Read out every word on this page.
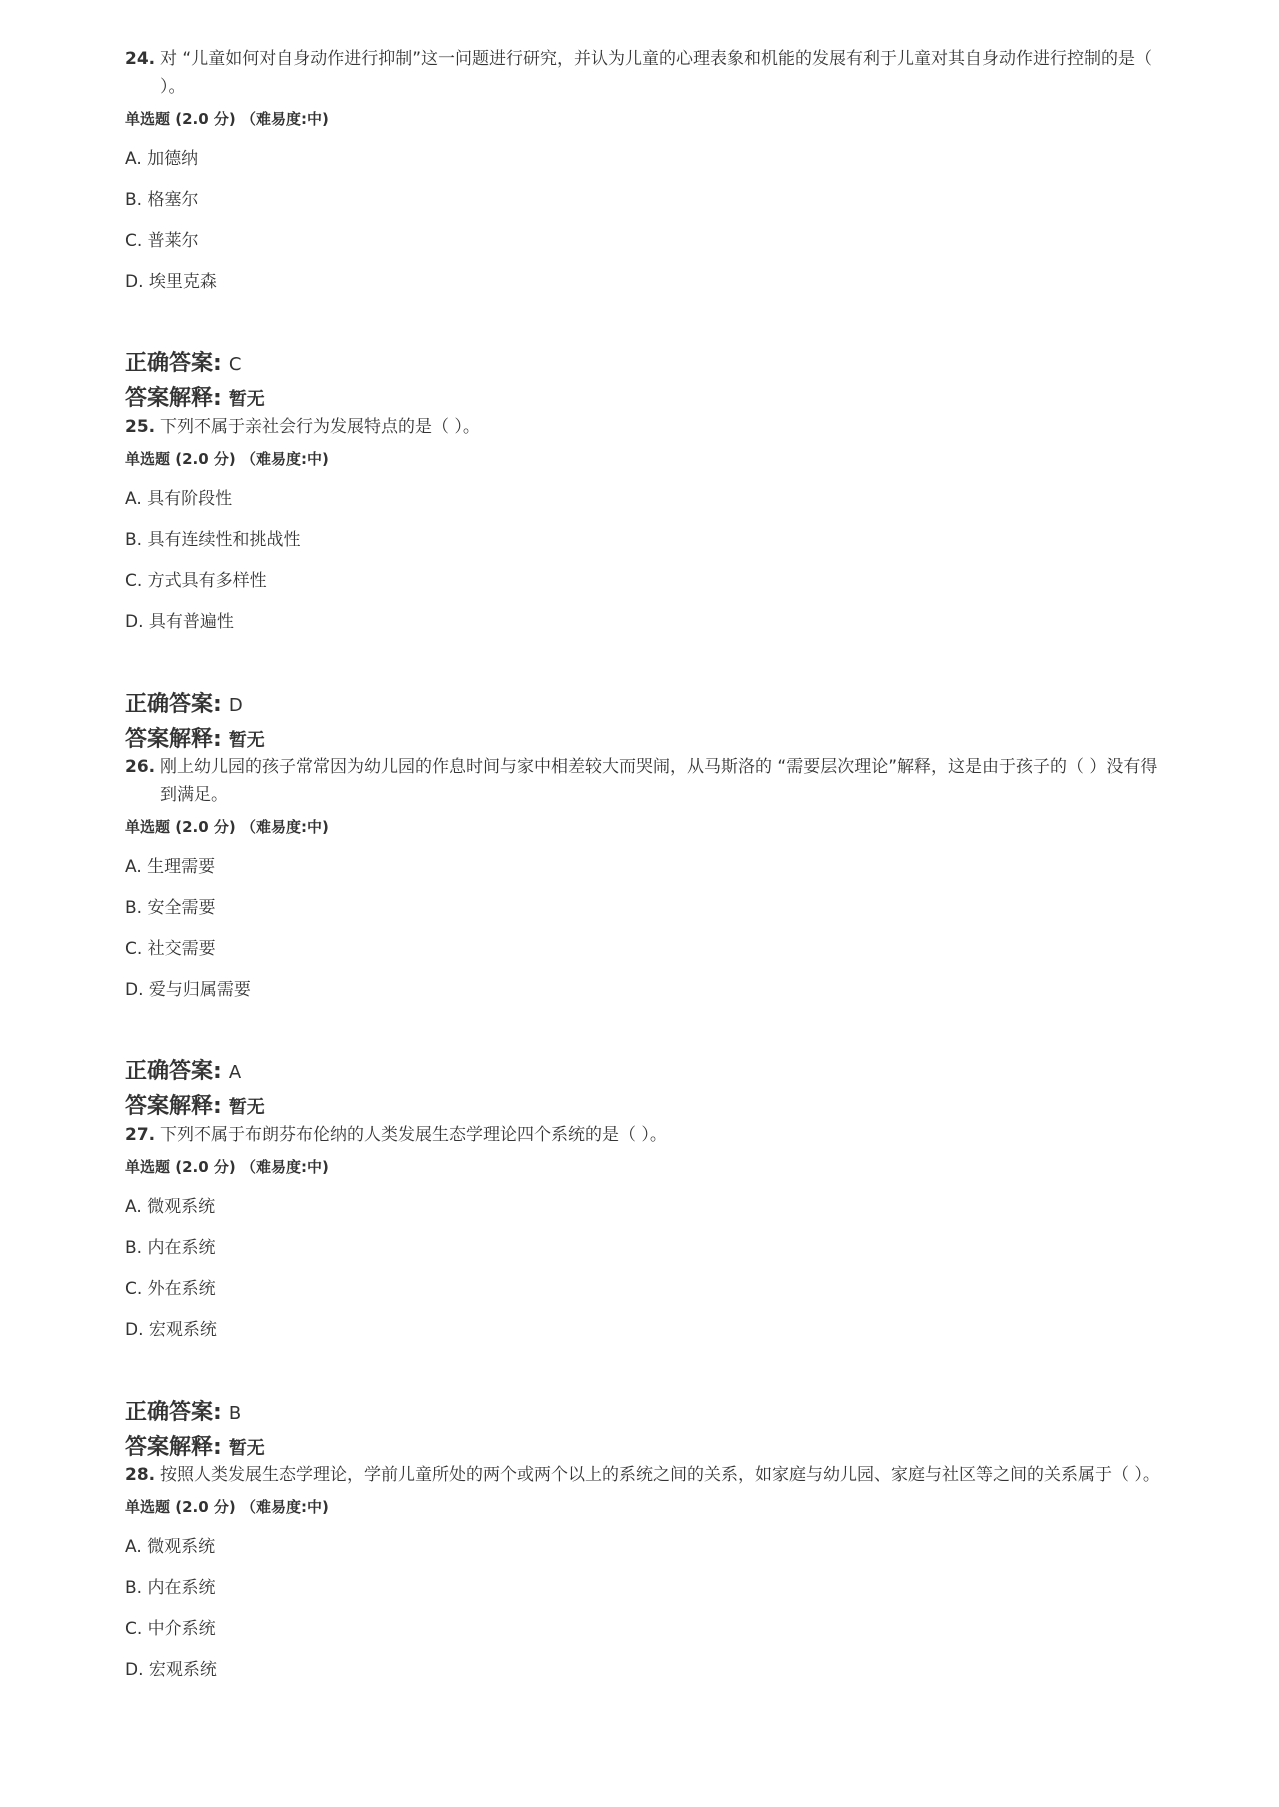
24. 对 “儿童如何对自身动作进行抑制”这一问题进行研究，并认为儿童的心理表象和机能的发展有利于儿童对其自身动作进行控制的是（ ）。
单选题 (2.0 分) （难易度:中)
A. 加德纳
B. 格塞尔
C. 普莱尔
D. 埃里克森
正确答案: C
答案解释: 暂无
25. 下列不属于亲社会行为发展特点的是（ ）。
单选题 (2.0 分) （难易度:中)
A. 具有阶段性
B. 具有连续性和挑战性
C. 方式具有多样性
D. 具有普遍性
正确答案: D
答案解释: 暂无
26. 刚上幼儿园的孩子常常因为幼儿园的作息时间与家中相差较大而哭闹，从马斯洛的 “需要层次理论”解释，这是由于孩子的（ ）没有得到满足。
单选题 (2.0 分) （难易度:中)
A. 生理需要
B. 安全需要
C. 社交需要
D. 爱与归属需要
正确答案: A
答案解释: 暂无
27. 下列不属于布朗芬布伦纳的人类发展生态学理论四个系统的是（ ）。
单选题 (2.0 分) （难易度:中)
A. 微观系统
B. 内在系统
C. 外在系统
D. 宏观系统
正确答案: B
答案解释: 暂无
28. 按照人类发展生态学理论，学前儿童所处的两个或两个以上的系统之间的关系，如家庭与幼儿园、家庭与社区等之间的关系属于（ ）。
单选题 (2.0 分) （难易度:中)
A. 微观系统
B. 内在系统
C. 中介系统
D. 宏观系统
